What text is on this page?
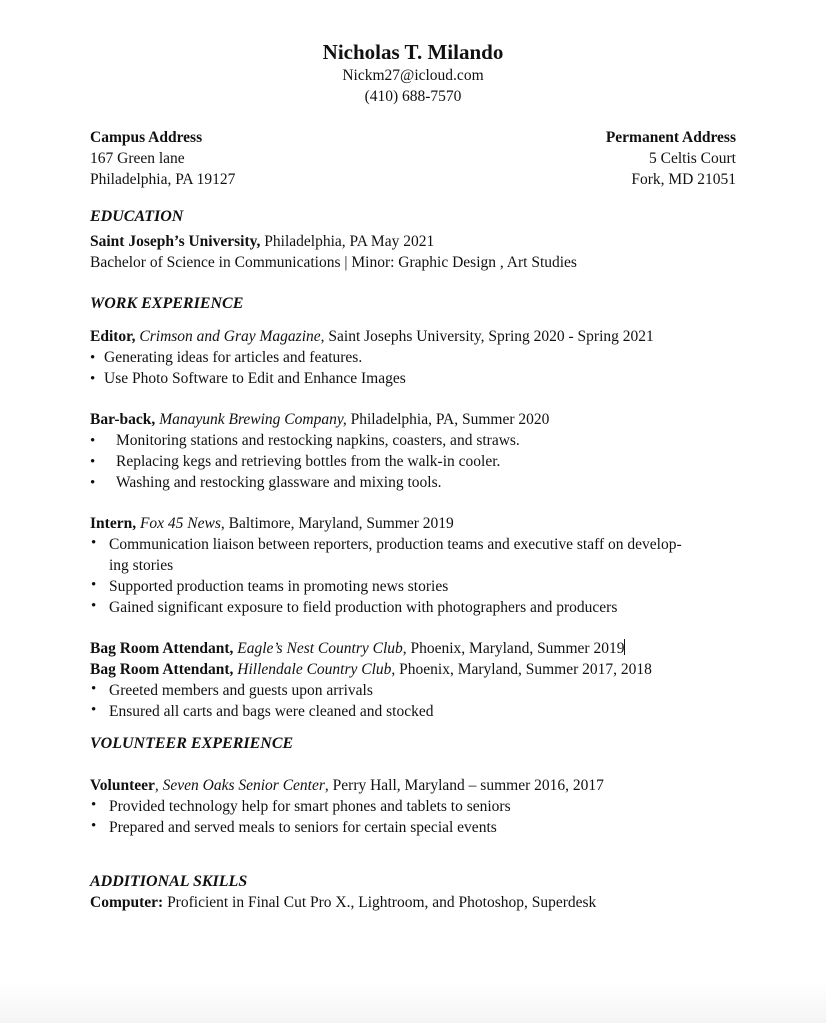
Nicholas T. Milando
Nickm27@icloud.com
(410) 688-7570
Campus Address
167 Green lane
Philadelphia, PA 19127
Permanent Address
5 Celtis Court
Fork, MD 21051
EDUCATION
Saint Joseph’s University, Philadelphia, PA May 2021
Bachelor of Science in Communications | Minor: Graphic Design , Art Studies
WORK EXPERIENCE
Editor, Crimson and Gray Magazine, Saint Josephs University, Spring 2020 - Spring 2021
• Generating ideas for articles and features.
• Use Photo Software to Edit and Enhance Images
Bar-back, Manayunk Brewing Company, Philadelphia, PA, Summer 2020
• Monitoring stations and restocking napkins, coasters, and straws.
• Replacing kegs and retrieving bottles from the walk-in cooler.
• Washing and restocking glassware and mixing tools.
Intern, Fox 45 News, Baltimore, Maryland, Summer 2019
• Communication liaison between reporters, production teams and executive staff on develop-
ing stories
• Supported production teams in promoting news stories
• Gained significant exposure to field production with photographers and producers
Bag Room Attendant, Eagle’s Nest Country Club, Phoenix, Maryland, Summer 2019
Bag Room Attendant, Hillendale Country Club, Phoenix, Maryland, Summer 2017, 2018
• Greeted members and guests upon arrivals
• Ensured all carts and bags were cleaned and stocked
VOLUNTEER EXPERIENCE
Volunteer, Seven Oaks Senior Center, Perry Hall, Maryland – summer 2016, 2017
• Provided technology help for smart phones and tablets to seniors
• Prepared and served meals to seniors for certain special events
ADDITIONAL SKILLS
Computer: Proficient in Final Cut Pro X., Lightroom, and Photoshop, Superdesk
